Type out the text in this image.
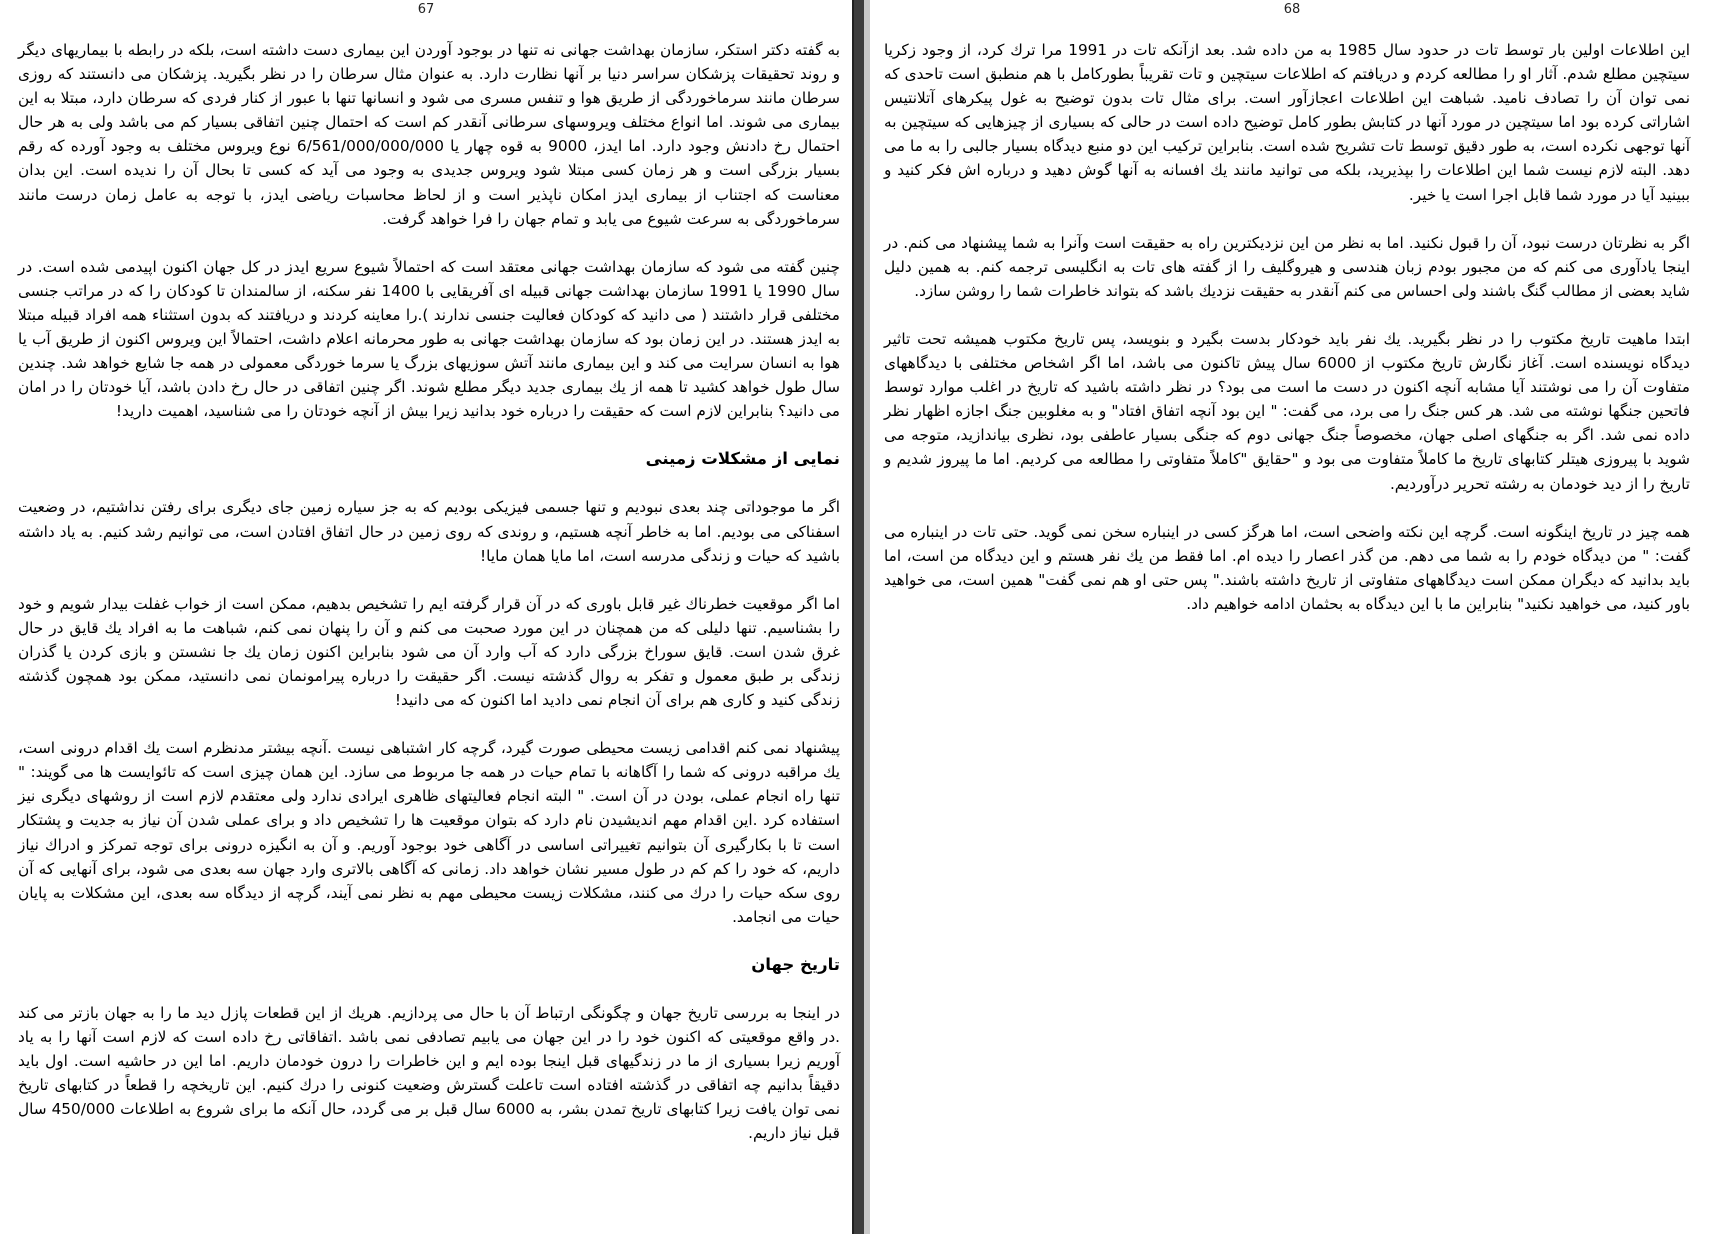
67

به گفته دكتر استكر، سازمان بهداشت جهانی نه تنها در بوجود آوردن این بیماری دست داشته است، بلكه در رابطه با بیماریهای دیگر و روند تحقیقات پزشكان سراسر دنیا بر آنها نظارت دارد. به عنوان مثال سرطان را در نظر بگیرید. پزشكان می دانستند كه روزی سرطان مانند سرماخوردگی از طریق هوا و تنفس مسری می شود و انسانها تنها با عبور از كنار فردی كه سرطان دارد، مبتلا به این بیماری می شوند. اما انواع مختلف ویروسهای سرطانی آنقدر كم است كه احتمال چنین اتفاقی بسیار كم می باشد ولی به هر حال احتمال رخ دادنش وجود دارد. اما ایدز، 9000 به قوه چهار یا 6/561/000/000/000 نوع ویروس مختلف به وجود آورده كه رقم بسیار بزرگی است و هر زمان كسی مبتلا شود ویروس جدیدی به وجود می آید كه كسی تا بحال آن را ندیده است. این بدان معناست كه اجتناب از بیماری ایدز امكان ناپذیر است و از لحاظ محاسبات ریاضی ایدز، با توجه به عامل زمان درست مانند سرماخوردگی به سرعت شیوع می یابد و تمام جهان را فرا خواهد گرفت.

چنین گفته می شود كه سازمان بهداشت جهانی معتقد است كه احتمالاً شیوع سریع ایدز در كل جهان اكنون اپیدمی شده است. در سال 1990 یا 1991 سازمان بهداشت جهانی قبیله ای آفریقایی با 1400 نفر سكنه، از سالمندان تا كودكان را كه در مراتب جنسی مختلفی قرار داشتند ( می دانید كه كودكان فعالیت جنسی ندارند ).را معاینه كردند و دریافتند كه بدون استثناء همه افراد قبیله مبتلا به ایدز هستند. در این زمان بود كه سازمان بهداشت جهانی به طور محرمانه اعلام داشت، احتمالاً این ویروس اكنون از طریق آب یا هوا به انسان سرایت می كند و این بیماری مانند آتش سوزیهای بزرگ یا سرما خوردگی معمولی در همه جا شایع خواهد شد. چندین سال طول خواهد كشید تا همه از یك بیماری جدید دیگر مطلع شوند. اگر چنین اتفاقی در حال رخ دادن باشد، آیا خودتان را در امان می دانید؟ بنابراین لازم است كه حقیقت را درباره خود بدانید زیرا بیش از آنچه خودتان را می شناسید، اهمیت دارید!

نمایی از مشكلات زمینی

اگر ما موجوداتی چند بعدی نبودیم و تنها جسمی فیزیكی بودیم كه به جز سیاره زمین جای دیگری برای رفتن نداشتیم، در وضعیت اسفناكی می بودیم. اما به خاطر آنچه هستیم، و روندی كه روی زمین در حال اتفاق افتادن است، می توانیم رشد كنیم. به یاد داشته باشید كه حیات و زندگی مدرسه است، اما مایا همان مایا!

اما اگر موقعیت خطرناك غیر قابل باوری كه در آن قرار گرفته ایم را تشخیص بدهیم، ممكن است از خواب غفلت بیدار شویم و خود را بشناسیم. تنها دلیلی كه من همچنان در این مورد صحبت می كنم و آن را پنهان نمی كنم، شباهت ما به افراد یك قایق در حال غرق شدن است. قایق سوراخ بزرگی دارد كه آب وارد آن می شود بنابراین اكنون زمان یك جا نشستن و بازی كردن یا گذران زندگی بر طبق معمول و تفكر به روال گذشته نیست. اگر حقیقت را درباره پیرامونمان نمی دانستید، ممكن بود همچون گذشته زندگی كنید و كاری هم برای آن انجام نمی دادید اما اكنون كه می دانید!

پیشنهاد نمی كنم اقدامی زیست محیطی صورت گیرد، گرچه كار اشتباهی نیست .آنچه بیشتر مدنظرم است یك اقدام درونی است، یك مراقبه درونی كه شما را آگاهانه با تمام حیات در همه جا مربوط می سازد. این همان چیزی است كه تائوایست ها می گویند: " تنها راه انجام عملی، بودن در آن است. " البته انجام فعالیتهای ظاهری ایرادی ندارد ولی معتقدم لازم است از روشهای دیگری نیز استفاده كرد .این اقدام مهم اندیشیدن نام دارد كه بتوان موقعیت ها را تشخیص داد و برای عملی شدن آن نیاز به جدیت و پشتكار است تا با بكارگیری آن بتوانیم تغییراتی اساسی در آگاهی خود بوجود آوریم. و آن به انگیزه درونی برای توجه تمركز و ادراك نیاز داریم، كه خود را كم كم در طول مسیر نشان خواهد داد. زمانی كه آگاهی بالاتری وارد جهان سه بعدی می شود، برای آنهایی كه آن روی سكه حیات را درك می كنند، مشكلات زیست محیطی مهم به نظر نمی آیند، گرچه از دیدگاه سه بعدی، این مشكلات به پایان حیات می انجامد.

تاریخ جهان

در اینجا به بررسی تاریخ جهان و چگونگی ارتباط آن با حال می پردازیم. هریك از این قطعات پازل دید ما را به جهان بازتر می كند .در واقع موقعیتی كه اكنون خود را در این جهان می یابیم تصادفی نمی باشد .اتفاقاتی رخ داده است كه لازم است آنها را به یاد آوریم زیرا بسیاری از ما در زندگیهای قبل اینجا بوده ایم و این خاطرات را درون خودمان داریم. اما این در حاشیه است. اول باید دقیقاً بدانیم چه اتفاقی در گذشته افتاده است تاعلت گسترش وضعیت كنونی را درك كنیم. این تاریخچه را قطعاً در كتابهای تاریخ نمی توان یافت زیرا كتابهای تاریخ تمدن بشر، به 6000 سال قبل بر می گردد، حال آنكه ما برای شروع به اطلاعات 450/000 سال قبل نیاز داریم.

68

این اطلاعات اولین بار توسط تات در حدود سال 1985 به من داده شد. بعد ازآنكه تات در 1991 مرا ترك كرد، از وجود زكریا سیتچین مطلع شدم. آثار او را مطالعه كردم و دریافتم كه اطلاعات سیتچین و تات تقریباً بطوركامل با هم منطبق است تاحدی كه نمی توان آن را تصادف نامید. شباهت این اطلاعات اعجازآور است. برای مثال تات بدون توضیح به غول پیكرهای آتلانتیس اشاراتی كرده بود اما سیتچین در مورد آنها در كتابش بطور كامل توضیح داده است در حالی كه بسیاری از چیزهایی كه سیتچین به آنها توجهی نكرده است، به طور دقیق توسط تات تشریح شده است. بنابراین تركیب این دو منبع دیدگاه بسیار جالبی را به ما می دهد. البته لازم نیست شما این اطلاعات را بپذیرید، بلكه می توانید مانند یك افسانه به آنها گوش دهید و درباره اش فكر كنید و ببینید آیا در مورد شما قابل اجرا است یا خیر.

اگر به نظرتان درست نبود، آن را قبول نكنید. اما به نظر من این نزدیكترین راه به حقیقت است وآنرا به شما پیشنهاد می كنم. در اینجا یادآوری می كنم كه من مجبور بودم زبان هندسی و هیروگلیف را از گفته های تات به انگلیسی ترجمه كنم. به همین دلیل شاید بعضی از مطالب گنگ باشند ولی احساس می كنم آنقدر به حقیقت نزدیك باشد كه بتواند خاطرات شما را روشن سازد.

ابتدا ماهیت تاریخ مكتوب را در نظر بگیرید. یك نفر باید خودكار بدست بگیرد و بنویسد، پس تاریخ مكتوب همیشه تحت تاثیر دیدگاه نویسنده است. آغاز نگارش تاریخ مكتوب از 6000 سال پیش تاكنون می باشد، اما اگر اشخاص مختلفی با دیدگاههای متفاوت آن را می نوشتند آیا مشابه آنچه اكنون در دست ما است می بود؟ در نظر داشته باشید كه تاریخ در اغلب موارد توسط فاتحین جنگها نوشته می شد. هر كس جنگ را می برد، می گفت: " این بود آنچه اتفاق افتاد" و به مغلوبین جنگ اجازه اظهار نظر داده نمی شد. اگر به جنگهای اصلی جهان، مخصوصاً جنگ جهانی دوم كه جنگی بسیار عاطفی بود، نظری بیاندازید، متوجه می شوید با پیروزی هیتلر كتابهای تاریخ ما كاملاً متفاوت می بود و "حقایق "كاملاً متفاوتی را مطالعه می كردیم. اما ما پیروز شدیم و تاریخ را از دید خودمان به رشته تحریر درآوردیم.

همه چیز در تاریخ اینگونه است. گرچه این نكته واضحی است، اما هرگز كسی در اینباره سخن نمی گوید. حتی تات در اینباره می گفت: " من دیدگاه خودم را به شما می دهم. من گذر اعصار را دیده ام. اما فقط من یك نفر هستم و این دیدگاه من است، اما باید بدانید كه دیگران ممكن است دیدگاههای متفاوتی از تاریخ داشته باشند." پس حتی او هم نمی گفت" همین است، می خواهید باور كنید، می خواهید نكنید" بنابراین ما با این دیدگاه به بحثمان ادامه خواهیم داد.
